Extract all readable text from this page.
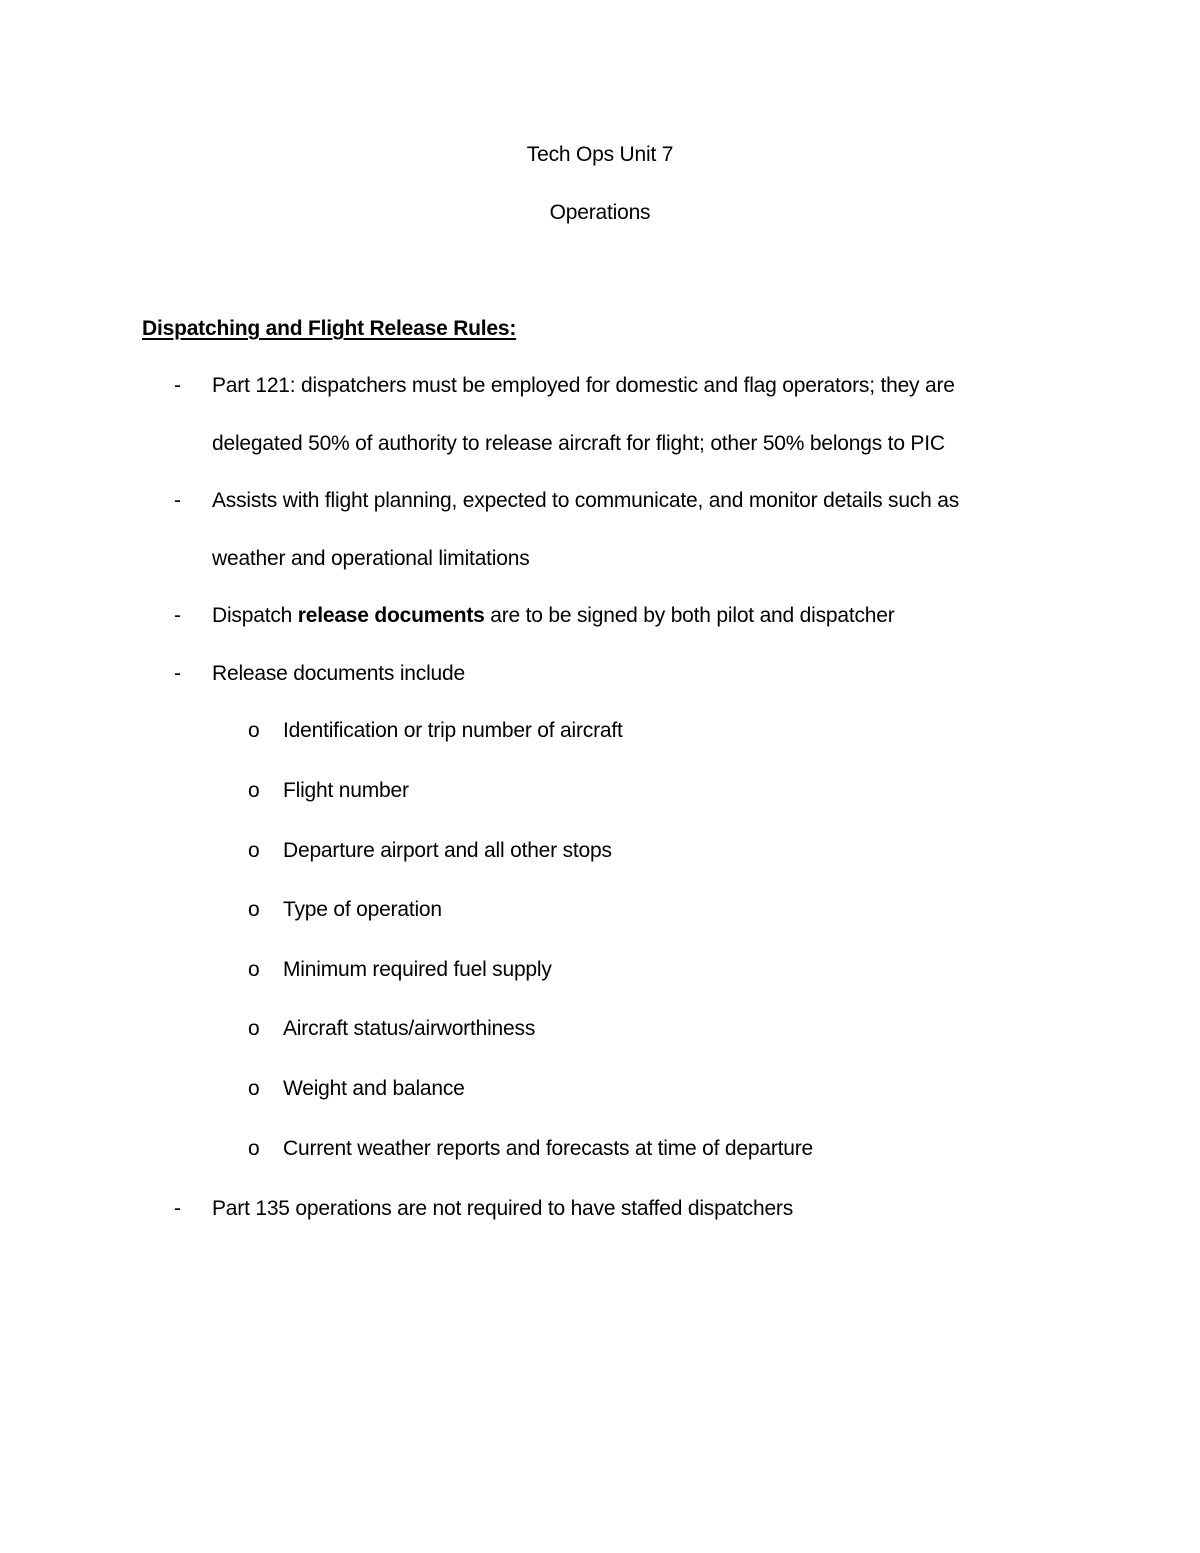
Tech Ops Unit 7
Operations
Dispatching and Flight Release Rules:
- Part 121: dispatchers must be employed for domestic and flag operators; they are
delegated 50% of authority to release aircraft for flight; other 50% belongs to PIC
- Assists with flight planning, expected to communicate, and monitor details such as
weather and operational limitations
- Dispatch release documents are to be signed by both pilot and dispatcher
- Release documents include
o Identification or trip number of aircraft
o Flight number
o Departure airport and all other stops
o Type of operation
o Minimum required fuel supply
o Aircraft status/airworthiness
o Weight and balance
o Current weather reports and forecasts at time of departure
- Part 135 operations are not required to have staffed dispatchers
